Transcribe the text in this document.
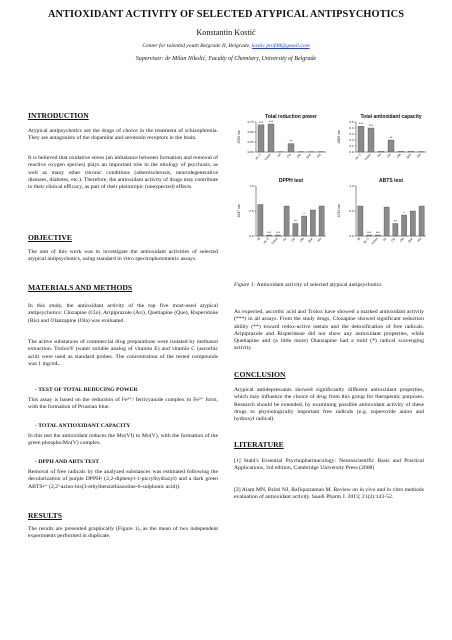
ANTIOXIDANT ACTIVITY OF SELECTED ATYPICAL ANTIPSYCHOTICS
Konstantin Kostić
Center for talented youth Belgrade II, Belgrade, kostic.prof48@gmail.com
Supervisor: dr Milan Nikolić, Faculty of Chemistry, University of Belgrade
INTRODUCTION
Atypical antipsychotics are the drugs of choice in the treatment of schizophrenia. They are antagonists of the dopamine and serotonin receptors in the brain.
It is believed that oxidative stress (an imbalance between formation and removal of reactive oxygen species) plays an important role in the etiology of psychosis, as well as many other chronic conditions (atherosclerosis, neurodegenerative diseases, diabetes, etc.). Therefore, the antioxidant activity of drugs may contribute to their clinical efficacy, as part of their pleiotropic (unexpected) effects.
OBJECTIVE
The aim of this work was to investigate the antioxidant activities of selected atypical antipsychotics, using standard in vitro spectrophotometric assays.
MATERIALS AND METHODS
In this study, the antioxidant activity of the top five most-used atypical antipsychotics: Clozapine (Clo), Aripiprazole (Ari), Quetiapine (Que), Risperidone (Ris) and Olanzapine (Ola) was evaluated.
The active substances of commercial drug preparations were isolated by methanol extraction. Trolox® (water soluble analog of vitamin E) and vitamin C (ascorbic acid) were used as standard probes. The concentration of the tested compounds was 1 mg/mL.
- TEST OF TOTAL REDUCING POWER
This assay is based on the reduction of Fe³⁺/ ferricyanide complex to Fe²⁺ form, with the formation of Prussian blue.
- TOTAL ANTIOXIDANT CAPACITY
In this test the antioxidant reduces the Mo(VI) to Mo(V), with the formation of the green phospho/Mo(V) complex.
- DPPH AND ABTS TEST
Removal of free radicals by the analyzed substances was estimated following the decolorization of purple DPPH• (2,2-diphenyl-1-picrylhydrazyl) and a dark green ABTS•⁺ (2,2'-azino-bis(3-ethylbenzothiazoline-6-sulphonic acid)).
RESULTS
The results are presented graphically (Figure 1), as the mean of two independent experiments performed in duplicate.
Total reduction power
A700 nm
0.00
0.25
0.50
0.75 ***
Vit. C
***
Trolox Ari
**
Clo Ola Que Ris
Total antioxidant capacity
A695 nm
0.0
0.1
0.2
0.3
0.4
0.5 ***
Vit. C
***
Trolox Ari
**
Clo Ola Que Ris
DPPH test
A517 nm
0.0
0.5
1.0
Bl
***
Vit. C
***
Trolox Ari
**
Clo
*
Ola Que Ris
ABTS test
A734 nm
0.0
0.5
1.0
Bl
***
Vit. C
***
Trolox Ari
**
Clo
*
Ola Que Ris
Figure 1: Antioxidant activity of selected atypical antipsychotics
As expected, ascorbic acid and Trolox have showed a marked antioxidant activity (***) in all assays. From the study drugs, Clozapine showed significant reduction ability (**) toward redox-active metals and the detoxification of free radicals. Aripiprazole and Risperidone did not show any antioxidant properties, while Quetiapine and (a little more) Olanzapine had a mild (*) radical scavenging activity.
CONCLUSION
Atypical antidepressants showed significantly different antioxidant properties, which may influence the choice of drug from this group for therapeutic purposes. Research should be extended, by examining possible antioxidant activity of these drugs to physiologically important free radicals (e.g. superoxide anion and hydroxyl radical).
LITERATURE
[1] Stahl's Essential Psychopharmacology: Neuroscientific Basis and Practical Applications, 3rd edition, Cambridge University Press (2008)
[2] Alam MN, Bristi NJ, Rafiquzzaman M. Review on in vivo and in vitro methods evaluation of antioxidant activity. Saudi Pharm J. 2013; 21(2):143-52.
